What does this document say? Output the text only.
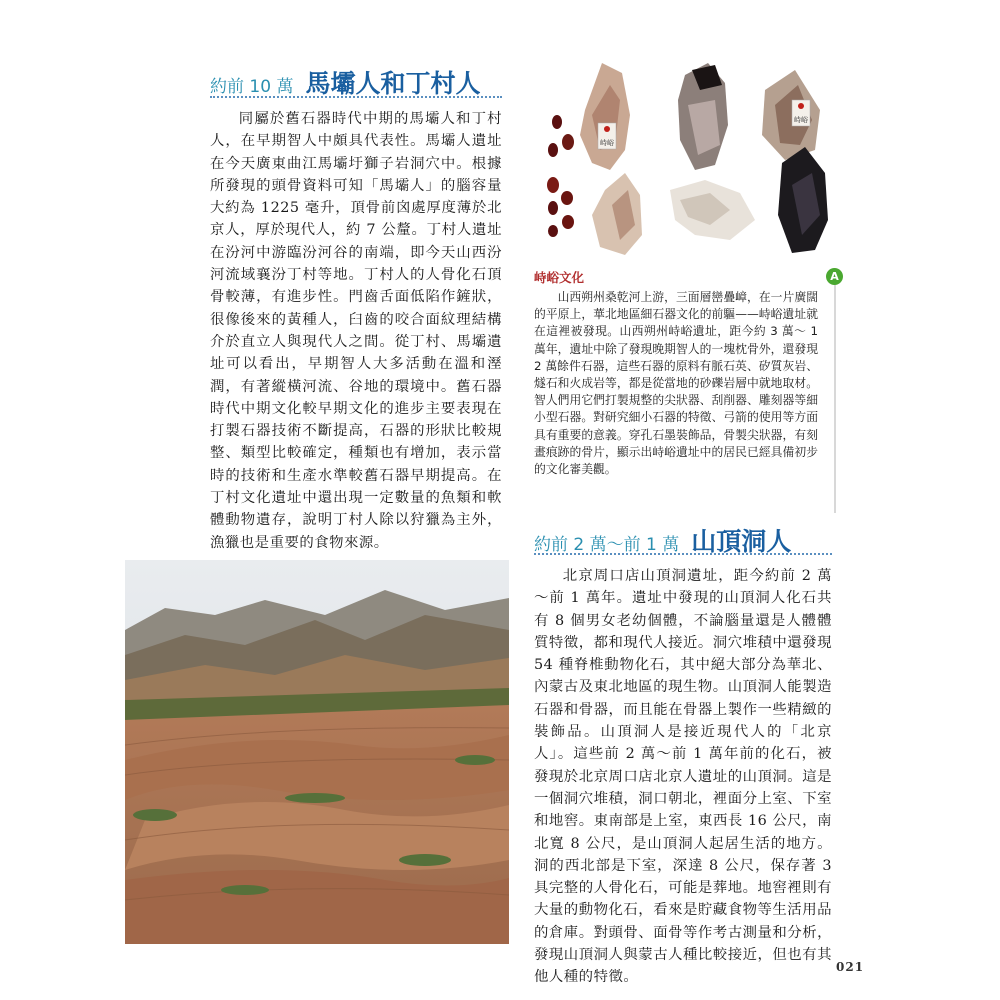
約前 10 萬 馬壩人和丁村人

同屬於舊石器時代中期的馬壩人和丁村人，在早期智人中頗具代表性。馬壩人遺址在今天廣東曲江馬壩圩獅子岩洞穴中。根據所發現的頭骨資料可知「馬壩人」的腦容量大約為 1225 毫升，頂骨前囟處厚度薄於北京人，厚於現代人，約 7 公釐。丁村人遺址在汾河中游臨汾河谷的南端，即今天山西汾河流域襄汾丁村等地。丁村人的人骨化石頂骨較薄，有進步性。門齒舌面低陷作鏟狀，很像後來的黃種人，臼齒的咬合面紋理結構介於直立人與現代人之間。從丁村、馬壩遺址可以看出，早期智人大多活動在溫和溼潤，有著縱橫河流、谷地的環境中。舊石器時代中期文化較早期文化的進步主要表現在打製石器技術不斷提高，石器的形狀比較規整、類型比較確定，種類也有增加，表示當時的技術和生產水準較舊石器早期提高。在丁村文化遺址中還出現一定數量的魚類和軟體動物遺存，說明丁村人除以狩獵為主外，漁獵也是重要的食物來源。

峙峪
峙峪
A
峙峪文化

山西朔州桑乾河上游，三面層巒疊嶂，在一片廣闊的平原上，華北地區細石器文化的前驅——峙峪遺址就在這裡被發現。山西朔州峙峪遺址，距今約 3 萬～ 1 萬年，遺址中除了發現晚期智人的一塊枕骨外，還發現 2 萬餘件石器，這些石器的原料有脈石英、矽質灰岩、燧石和火成岩等，都是從當地的砂礫岩層中就地取材。智人們用它們打製規整的尖狀器、刮削器、雕刻器等細小型石器。對研究細小石器的特徵、弓箭的使用等方面具有重要的意義。穿孔石墨裝飾品，骨製尖狀器，有刻畫痕跡的骨片，顯示出峙峪遺址中的居民已經具備初步的文化審美觀。

約前 2 萬～前 1 萬 山頂洞人

北京周口店山頂洞遺址，距今約前 2 萬～前 1 萬年。遺址中發現的山頂洞人化石共有 8 個男女老幼個體，不論腦量還是人體體質特徵，都和現代人接近。洞穴堆積中還發現 54 種脊椎動物化石，其中絕大部分為華北、內蒙古及東北地區的現生物。山頂洞人能製造石器和骨器，而且能在骨器上製作一些精緻的裝飾品。山頂洞人是接近現代人的「北京人」。這些前 2 萬～前 1 萬年前的化石，被發現於北京周口店北京人遺址的山頂洞。這是一個洞穴堆積，洞口朝北，裡面分上室、下室和地窖。東南部是上室，東西長 16 公尺，南北寬 8 公尺，是山頂洞人起居生活的地方。洞的西北部是下室，深達 8 公尺，保存著 3 具完整的人骨化石，可能是葬地。地窖裡則有大量的動物化石，看來是貯藏食物等生活用品的倉庫。對頭骨、面骨等作考古測量和分析，發現山頂洞人與蒙古人種比較接近，但也有其他人種的特徵。

021
